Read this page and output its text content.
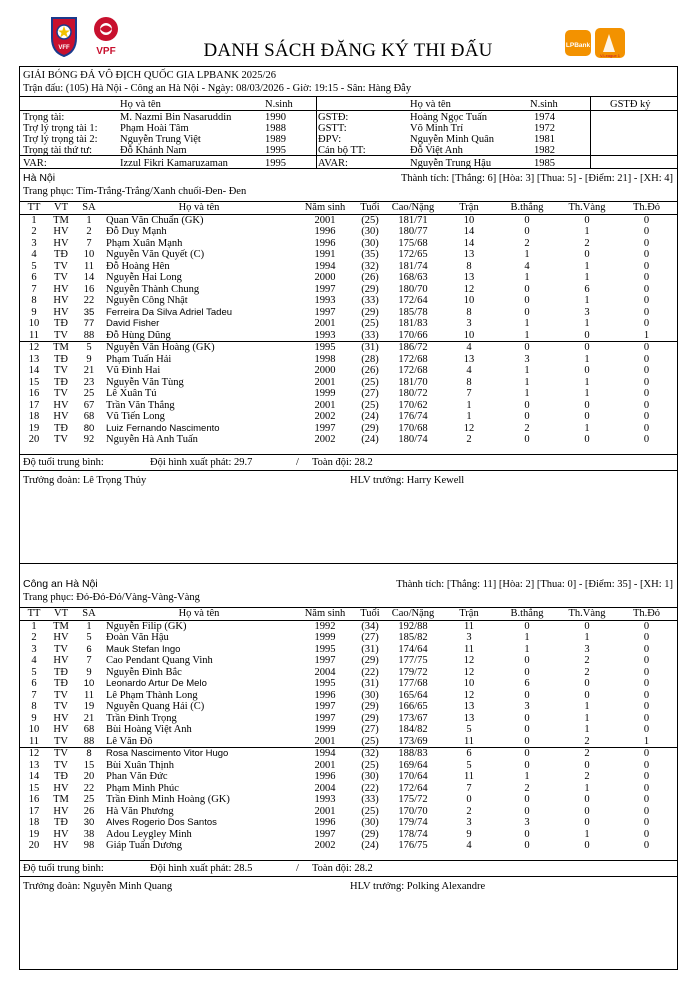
VFF	VPF
LPBank
V.League 1
DANH SÁCH ĐĂNG KÝ THI ĐẤU
GIẢI BÓNG ĐÁ VÔ ĐỊCH QUỐC GIA LPBANK 2025/26
Trận đấu: (105) Hà Nội - Công an Hà Nội - Ngày: 08/03/2026 - Giờ: 19:15 - Sân: Hàng Đẫy
Họ và tên	N.sinh	Họ và tên	N.sinh	GSTĐ ký
Trọng tài:	M. Nazmi Bin Nasaruddin	1990	GSTĐ:	Hoàng Ngọc Tuấn	1974
Trợ lý trọng tài 1: Phạm Hoài Tâm	1988	GSTT:	Võ Minh Trí	1972
Trợ lý trọng tài 2: Nguyễn Trung Việt	1989	ĐPV:	Nguyễn Minh Quân	1981
Trọng tài thứ tư:	Đỗ Khánh Nam	1995	Cán bộ TT:	Đỗ Việt Anh	1982
VAR:	Izzul Fikri Kamaruzaman	1995	AVAR:	Nguyễn Trung Hậu	1985
Hà Nội	Thành tích: [Thắng: 6] [Hòa: 3] [Thua: 5] - [Điểm: 21] - [XH: 4]
Trang phục: Tím-Trắng-Trắng/Xanh chuối-Đen- Đen
TT	VT	SA	Họ và tên	Năm sinh	Tuổi	Cao/Nặng	Trận	B.thắng	Th.Vàng	Th.Đỏ
1	TM	1	Quan Văn Chuẩn (GK)	2001	(25)	181/71	10	0	0	0
2	HV	2	Đỗ Duy Mạnh	1996	(30)	180/77	14	0	1	0
3	HV	7	Phạm Xuân Mạnh	1996	(30)	175/68	14	2	2	0
4	TĐ	10	Nguyễn Văn Quyết (C)	1991	(35)	172/65	13	1	0	0
5	TV	11	Đỗ Hoàng Hên	1994	(32)	181/74	8	4	1	0
6	TV	14	Nguyễn Hai Long	2000	(26)	168/63	13	1	1	0
7	HV	16	Nguyễn Thành Chung	1997	(29)	180/70	12	0	6	0
8	HV	22	Nguyễn Công Nhật	1993	(33)	172/64	10	0	1	0
9	HV	35	Ferreira Da Silva Adriel Tadeu	1997	(29)	185/78	8	0	3	0
10	TĐ	77	David Fisher	2001	(25)	181/83	3	1	1	0
11	TV	88	Đỗ Hùng Dũng	1993	(33)	170/66	10	1	0	1
12	TM	5	Nguyễn Văn Hoàng (GK)	1995	(31)	186/72	4	0	0	0
13	TĐ	9	Phạm Tuấn Hải	1998	(28)	172/68	13	3	1	0
14	TV	21	Vũ Đình Hai	2000	(26)	172/68	4	1	0	0
15	TĐ	23	Nguyễn Văn Tùng	2001	(25)	181/70	8	1	1	0
16	TV	25	Lê Xuân Tú	1999	(27)	180/72	7	1	1	0
17	HV	67	Trần Văn Thắng	2001	(25)	170/62	1	0	0	0
18	HV	68	Vũ Tiến Long	2002	(24)	176/74	1	0	0	0
19	TĐ	80	Luiz Fernando Nascimento	1997	(29)	170/68	12	2	1	0
20	TV	92	Nguyễn Hà Anh Tuấn	2002	(24)	180/74	2	0	0	0
Độ tuổi trung bình:	Đội hình xuất phát: 29.7	/ Toàn đội: 28.2
Trưởng đoàn: Lê Trọng Thủy	HLV trưởng: Harry Kewell
Công an Hà Nội	Thành tích: [Thắng: 11] [Hòa: 2] [Thua: 0] - [Điểm: 35] - [XH: 1]
Trang phục: Đỏ-Đỏ-Đỏ/Vàng-Vàng-Vàng
TT	VT	SA	Họ và tên	Năm sinh	Tuổi	Cao/Nặng	Trận	B.thắng	Th.Vàng	Th.Đỏ
1	TM	1	Nguyễn Filip (GK)	1992	(34)	192/88	11	0	0	0
2	HV	5	Đoàn Văn Hậu	1999	(27)	185/82	3	1	1	0
3	TV	6	Mauk Stefan Ingo	1995	(31)	174/64	11	1	3	0
4	HV	7	Cao Pendant Quang Vinh	1997	(29)	177/75	12	0	2	0
5	TĐ	9	Nguyễn Đình Bắc	2004	(22)	179/72	12	0	2	0
6	TĐ	10	Leonardo Artur De Melo	1995	(31)	177/68	10	6	0	0
7	TV	11	Lê Phạm Thành Long	1996	(30)	165/64	12	0	0	0
8	TV	19	Nguyễn Quang Hải (C)	1997	(29)	166/65	13	3	1	0
9	HV	21	Trần Đình Trọng	1997	(29)	173/67	13	0	1	0
10	HV	68	Bùi Hoàng Việt Anh	1999	(27)	184/82	5	0	1	0
11	TV	88	Lê Văn Đô	2001	(25)	173/69	11	0	2	1
12	TV	8	Rosa Nascimento Vitor Hugo	1994	(32)	188/83	6	0	2	0
13	TV	15	Bùi Xuân Thịnh	2001	(25)	169/64	5	0	0	0
14	TĐ	20	Phan Văn Đức	1996	(30)	170/64	11	1	2	0
15	HV	22	Phạm Minh Phúc	2004	(22)	172/64	7	2	1	0
16	TM	25	Trần Đình Minh Hoàng (GK)	1993	(33)	175/72	0	0	0	0
17	HV	26	Hà Văn Phương	2001	(25)	170/70	2	0	0	0
18	TĐ	30	Alves Rogerio Dos Santos	1996	(30)	179/74	3	3	0	0
19	HV	38	Adou Leygley Minh	1997	(29)	178/74	9	0	1	0
20	HV	98	Giáp Tuấn Dương	2002	(24)	176/75	4	0	0	0
Độ tuổi trung bình:	Đội hình xuất phát: 28.5	/ Toàn đội: 28.2
Trưởng đoàn: Nguyễn Minh Quang	HLV trưởng: Polking Alexandre
